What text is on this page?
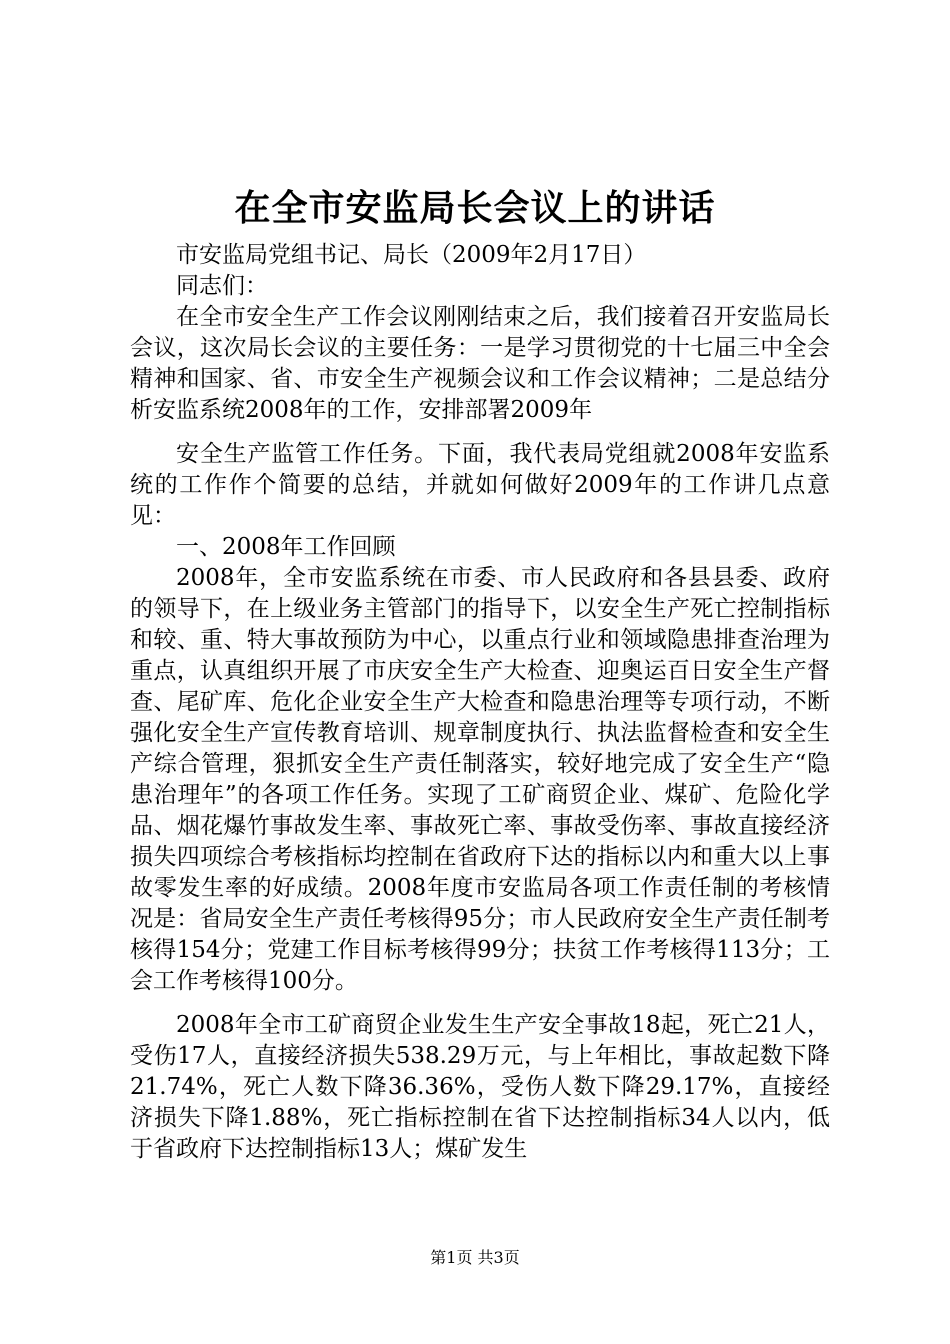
在全市安监局长会议上的讲话

市安监局党组书记、局长（2009年2月17日）

同志们：

在全市安全生产工作会议刚刚结束之后，我们接着召开安监局长会议，这次局长会议的主要任务：一是学习贯彻党的十七届三中全会精神和国家、省、市安全生产视频会议和工作会议精神；二是总结分析安监系统2008年的工作，安排部署2009年

安全生产监管工作任务。下面，我代表局党组就2008年安监系统的工作作个简要的总结，并就如何做好2009年的工作讲几点意见：

一、2008年工作回顾

2008年，全市安监系统在市委、市人民政府和各县县委、政府的领导下，在上级业务主管部门的指导下，以安全生产死亡控制指标和较、重、特大事故预防为中心，以重点行业和领域隐患排查治理为重点，认真组织开展了市庆安全生产大检查、迎奥运百日安全生产督查、尾矿库、危化企业安全生产大检查和隐患治理等专项行动，不断强化安全生产宣传教育培训、规章制度执行、执法监督检查和安全生产综合管理，狠抓安全生产责任制落实，较好地完成了安全生产“隐患治理年”的各项工作任务。实现了工矿商贸企业、煤矿、危险化学品、烟花爆竹事故发生率、事故死亡率、事故受伤率、事故直接经济损失四项综合考核指标均控制在省政府下达的指标以内和重大以上事故零发生率的好成绩。2008年度市安监局各项工作责任制的考核情况是：省局安全生产责任考核得95分；市人民政府安全生产责任制考核得154分；党建工作目标考核得99分；扶贫工作考核得113分；工会工作考核得100分。

2008年全市工矿商贸企业发生生产安全事故18起，死亡21人，受伤17人，直接经济损失538.29万元，与上年相比，事故起数下降21.74%，死亡人数下降36.36%，受伤人数下降29.17%，直接经济损失下降1.88%，死亡指标控制在省下达控制指标34人以内，低于省政府下达控制指标13人；煤矿发生

第1页 共3页
